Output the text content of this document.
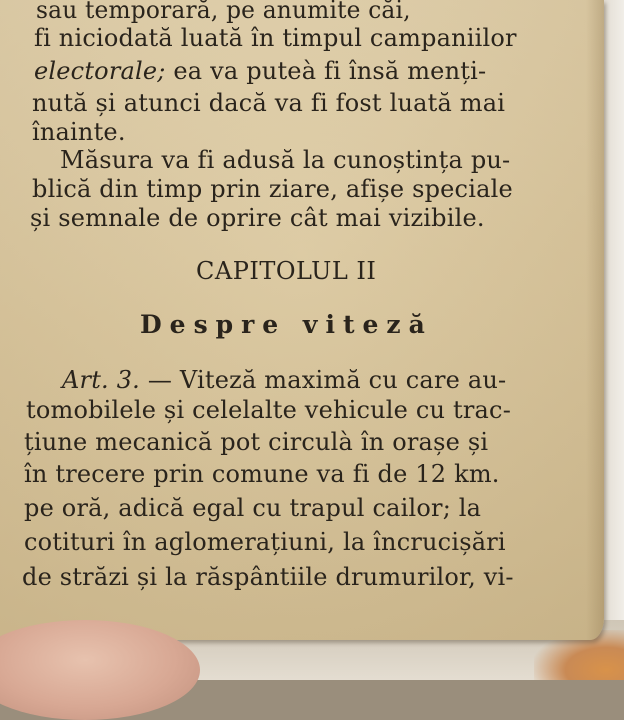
sau temporară, pe anumite căi,
fi niciodată luată în timpul campaniilor
electorale; ea va puteà fi însă menți-
nută și atunci dacă va fi fost luată mai
înainte.
Măsura va fi adusă la cunoștința pu-
blică din timp prin ziare, afișe speciale
și semnale de oprire cât mai vizibile.
CAPITOLUL II
Despre viteză
Art. 3. — Viteză maximă cu care au-
tomobilele și celelalte vehicule cu trac-
țiune mecanică pot circulà în orașe și
în trecere prin comune va fi de 12 km.
pe oră, adică egal cu trapul cailor; la
cotituri în aglomerațiuni, la încrucișări
de străzi și la răspântiile drumurilor, vi-
